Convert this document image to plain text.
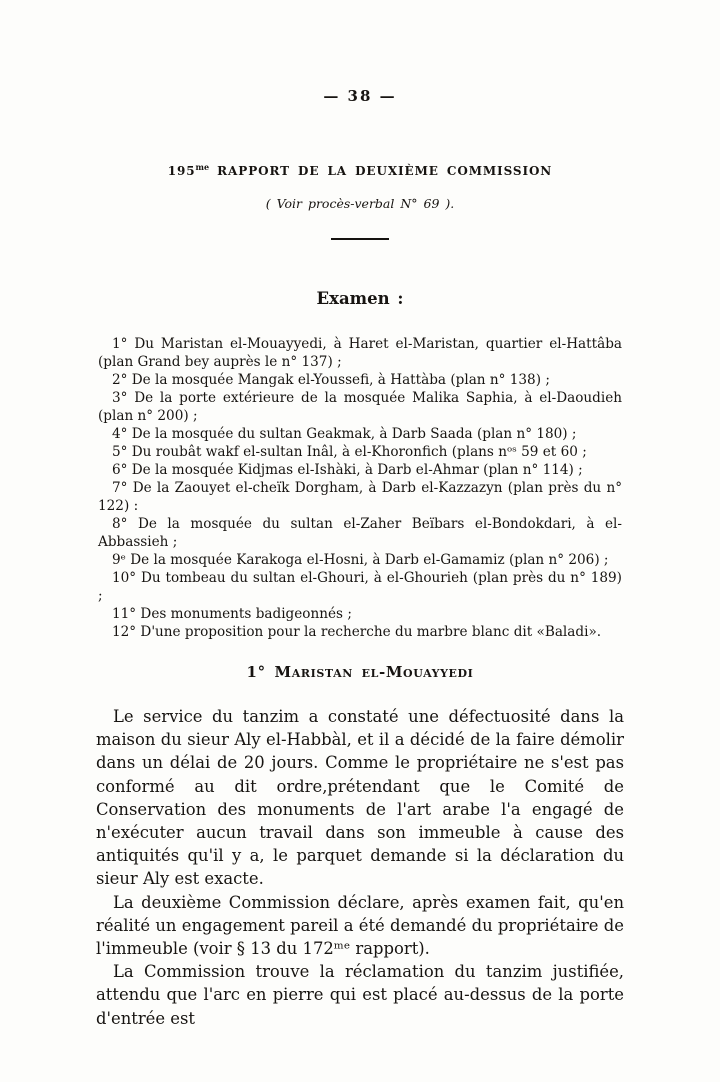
— 38 —
$195^{me}$ RAPPORT DE LA DEUXIÈME COMMISSION
( Voir procès-verbal N° 69 ).
Examen :

1° Du Maristan el-Mouayyedi, à Haret el-Maristan, quartier el-Hattâba (plan Grand bey auprès le n° 137) ;

2° De la mosquée Mangak el-Youssefi, à Hattàba (plan n° 138) ;

3° De la porte extérieure de la mosquée Malika Saphia, à el-Daoudieh (plan n° 200) ;

4° De la mosquée du sultan Geakmak, à Darb Saada (plan n° 180) ;

5° Du roubât wakf el-sultan Inâl, à el-Khoronfich (plans nᵒˢ 59 et 60 ;

6° De la mosquée Kidjmas el-Ishàki, à Darb el-Ahmar (plan n° 114) ;

7° De la Zaouyet el-cheïk Dorgham, à Darb el-Kazzazyn (plan près du n° 122) :

8° De la mosquée du sultan el-Zaher Beïbars el-Bondokdari, à el-Abbassieh ;

9ᵉ De la mosquée Karakoga el-Hosni, à Darb el-Gamamiz (plan n° 206) ;

10° Du tombeau du sultan el-Ghouri, à el-Ghourieh (plan près du n° 189) ;

11° Des monuments badigeonnés ;

12° D'une proposition pour la recherche du marbre blanc dit «Baladi».

1° Maristan el-Mouayyedi

Le service du tanzim a constaté une défectuosité dans la maison du sieur Aly el-Habbàl, et il a décidé de la faire démolir dans un délai de 20 jours. Comme le propriétaire ne s'est pas conformé au dit ordre,prétendant que le Comité de Conservation des monuments de l'art arabe l'a engagé de n'exécuter aucun travail dans son immeuble à cause des antiquités qu'il y a, le parquet demande si la déclaration du sieur Aly est exacte.

La deuxième Commission déclare, après examen fait, qu'en réalité un engagement pareil a été demandé du propriétaire de l'immeuble (voir § 13 du 172ᵐᵉ rapport).

La Commission trouve la réclamation du tanzim justifiée, attendu que l'arc en pierre qui est placé au-dessus de la porte d'entrée est
